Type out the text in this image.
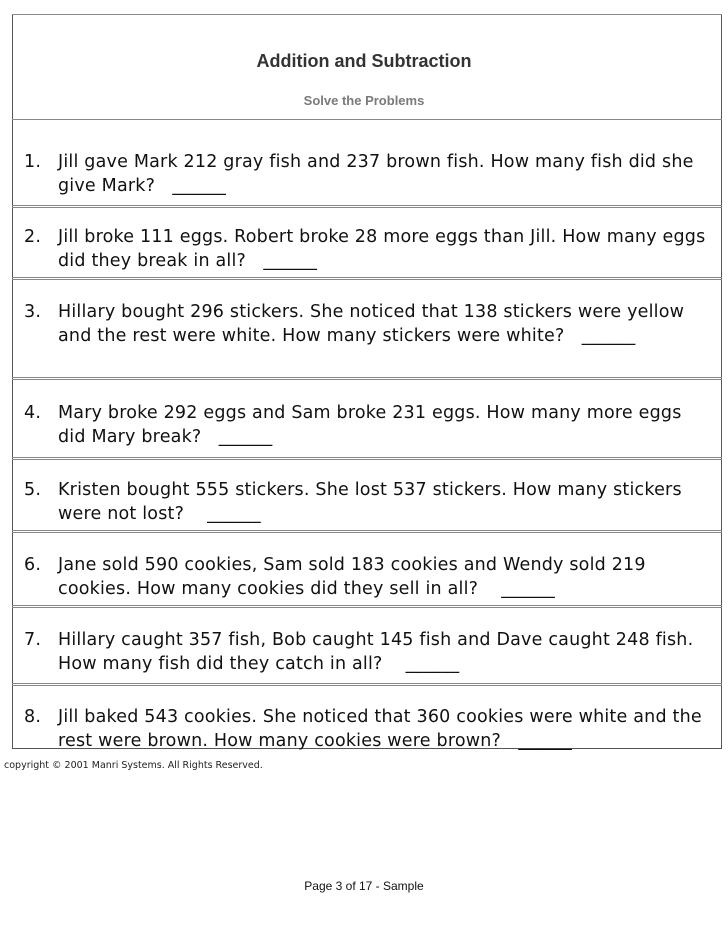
Addition and Subtraction
Solve the Problems
1. Jill gave Mark 212 gray fish and 237 brown fish. How many fish did she give Mark?   ______
2. Jill broke 111 eggs. Robert broke 28 more eggs than Jill. How many eggs did they break in all?   ______
3. Hillary bought 296 stickers. She noticed that 138 stickers were yellow and the rest were white. How many stickers were white?   ______
4. Mary broke 292 eggs and Sam broke 231 eggs. How many more eggs did Mary break?   ______
5. Kristen bought 555 stickers. She lost 537 stickers. How many stickers were not lost?    ______
6. Jane sold 590 cookies, Sam sold 183 cookies and Wendy sold 219 cookies. How many cookies did they sell in all?    ______
7. Hillary caught 357 fish, Bob caught 145 fish and Dave caught 248 fish. How many fish did they catch in all?    ______
8. Jill baked 543 cookies. She noticed that 360 cookies were white and the rest were brown. How many cookies were brown?   ______
copyright © 2001 Manri Systems. All Rights Reserved.
Page 3 of 17 - Sample
